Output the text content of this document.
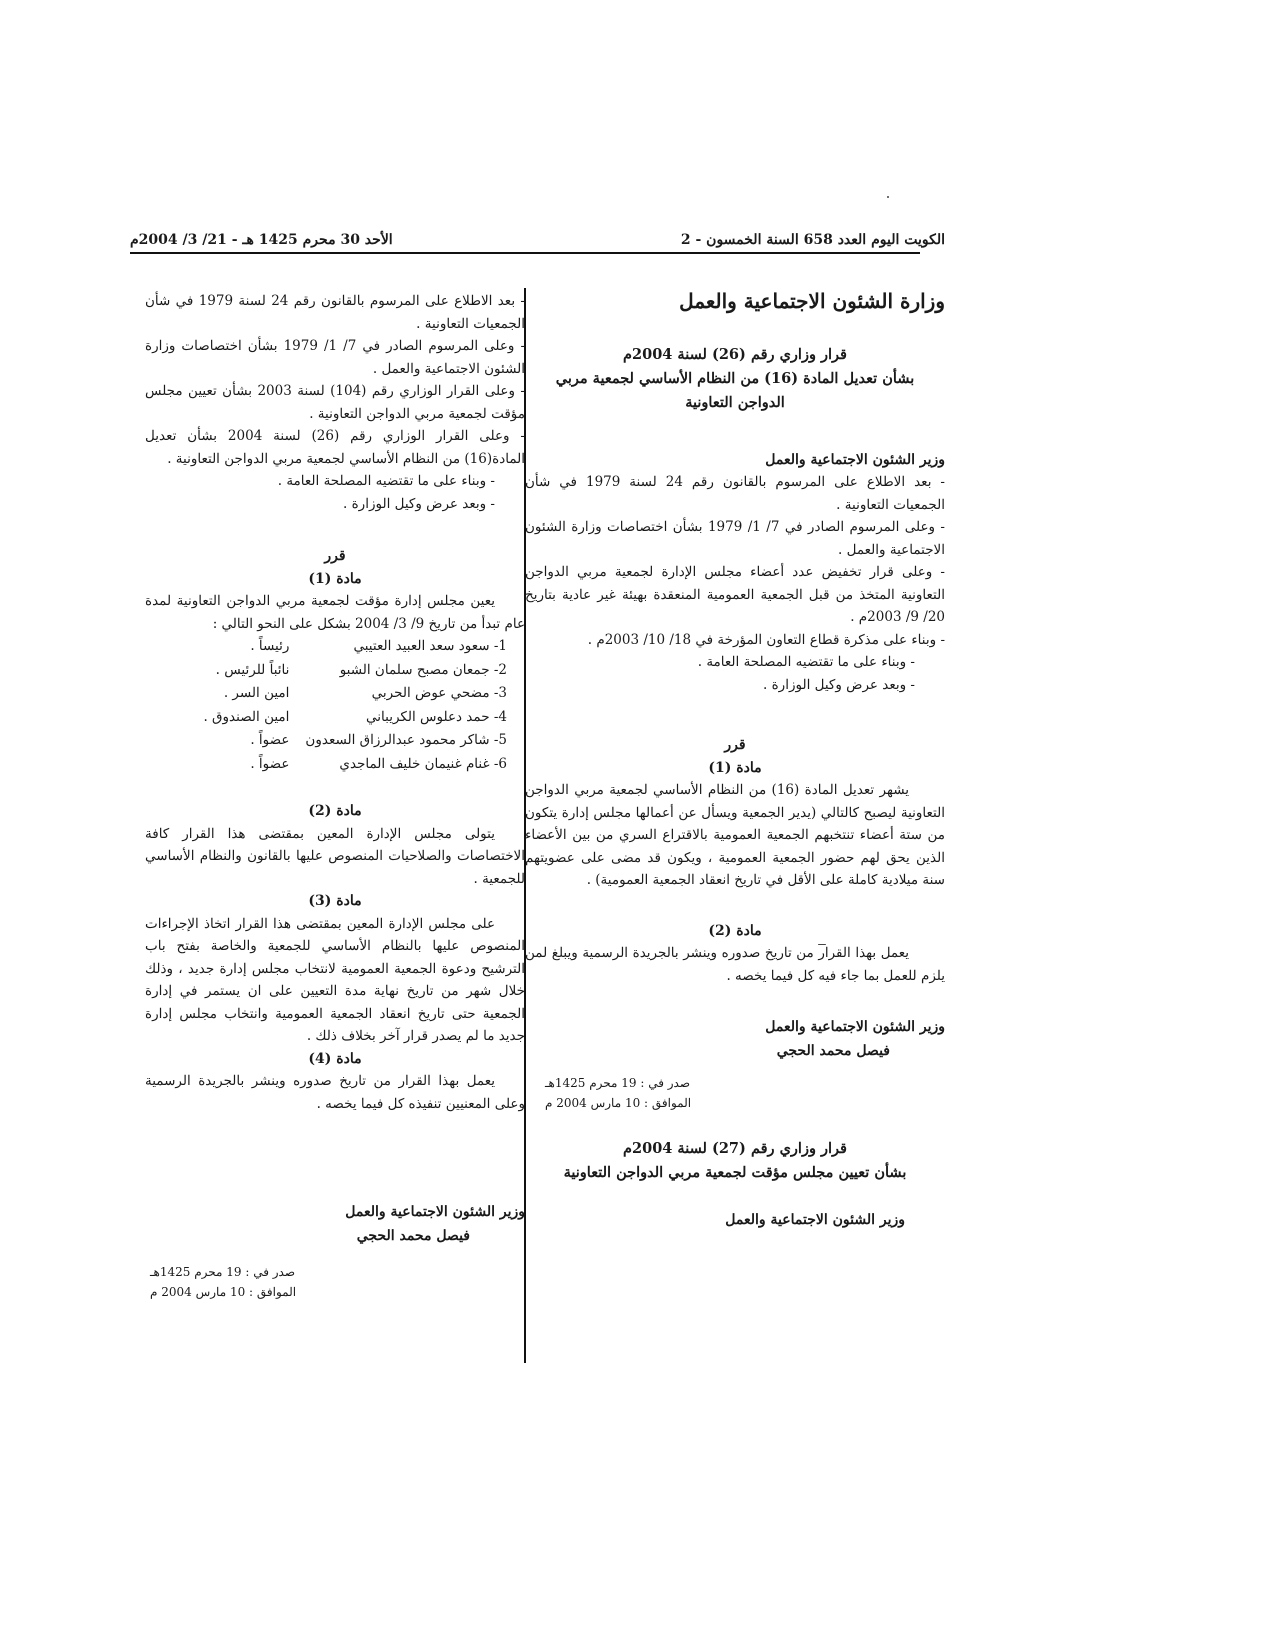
الكويت اليوم العدد 658 السنة الخمسون - 2
الأحد 30 محرم 1425 هـ - 21/ 3/ 2004م
وزارة الشئون الاجتماعية والعمل
قرار وزاري رقم (26) لسنة 2004م
بشأن تعديل المادة (16) من النظام الأساسي لجمعية مربي
الدواجن التعاونية
وزير الشئون الاجتماعية والعمل

- بعد الاطلاع على المرسوم بالقانون رقم 24 لسنة 1979 في شأن الجمعيات التعاونية .

- وعلى المرسوم الصادر في 7/ 1/ 1979 بشأن اختصاصات وزارة الشئون الاجتماعية والعمل .

- وعلى قرار تخفيض عدد أعضاء مجلس الإدارة لجمعية مربي الدواجن التعاونية المتخذ من قبل الجمعية العمومية المنعقدة بهيئة غير عادية بتاريخ 20/ 9/ 2003م .

- وبناء على مذكرة قطاع التعاون المؤرخة في 18/ 10/ 2003م .

- وبناء على ما تقتضيه المصلحة العامة .

- وبعد عرض وكيل الوزارة .

قرر
مادة (1)

يشهر تعديل المادة (16) من النظام الأساسي لجمعية مربي الدواجن التعاونية ليصبح كالتالي (يدير الجمعية ويسأل عن أعمالها مجلس إدارة يتكون من ستة أعضاء تنتخبهم الجمعية العمومية بالاقتراع السري من بين الأعضاء الذين يحق لهم حضور الجمعية العمومية ، ويكون قد مضى على عضويتهم سنة ميلادية كاملة على الأقل في تاريخ انعقاد الجمعية العمومية) .

مادة (2)

يعمل بهذا القرار من تاريخ صدوره وينشر بالجريدة الرسمية ويبلغ لمن يلزم للعمل بما جاء فيه كل فيما يخصه .

وزير الشئون الاجتماعية والعمل
فيصل محمد الحجي
صدر في : 19 محرم 1425هـ
الموافق : 10 مارس 2004 م
قرار وزاري رقم (27) لسنة 2004م
بشأن تعيين مجلس مؤقت لجمعية مربي الدواجن التعاونية
وزير الشئون الاجتماعية والعمل

- بعد الاطلاع على المرسوم بالقانون رقم 24 لسنة 1979 في شأن الجمعيات التعاونية .

- وعلى المرسوم الصادر في 7/ 1/ 1979 بشأن اختصاصات وزارة الشئون الاجتماعية والعمل .

- وعلى القرار الوزاري رقم (104) لسنة 2003 بشأن تعيين مجلس مؤقت لجمعية مربي الدواجن التعاونية .

- وعلى القرار الوزاري رقم (26) لسنة 2004 بشأن تعديل المادة(16) من النظام الأساسي لجمعية مربي الدواجن التعاونية .

- وبناء على ما تقتضيه المصلحة العامة .

- وبعد عرض وكيل الوزارة .

قرر
مادة (1)

يعين مجلس إدارة مؤقت لجمعية مربي الدواجن التعاونية لمدة عام تبدأ من تاريخ 9/ 3/ 2004 بشكل على النحو التالي :

1- سعود سعد العبيد العتيبي	رئيساً .
2- جمعان مصبح سلمان الشبو	نائباً للرئيس .
3- مضحي عوض الحربي	امين السر .
4- حمد دعلوس الكريباني	امين الصندوق .
5- شاكر محمود عبدالرزاق السعدون	عضواً .
6- غنام غنيمان خليف الماجدي	عضواً .
مادة (2)

يتولى مجلس الإدارة المعين بمقتضى هذا القرار كافة الاختصاصات والصلاحيات المنصوص عليها بالقانون والنظام الأساسي للجمعية .

مادة (3)

على مجلس الإدارة المعين بمقتضى هذا القرار اتخاذ الإجراءات المنصوص عليها بالنظام الأساسي للجمعية والخاصة بفتح باب الترشيح ودعوة الجمعية العمومية لانتخاب مجلس إدارة جديد ، وذلك خلال شهر من تاريخ نهاية مدة التعيين على ان يستمر في إدارة الجمعية حتى تاريخ انعقاد الجمعية العمومية وانتخاب مجلس إدارة جديد ما لم يصدر قرار آخر بخلاف ذلك .

مادة (4)

يعمل بهذا القرار من تاريخ صدوره وينشر بالجريدة الرسمية وعلى المعنيين تنفيذه كل فيما يخصه .

وزير الشئون الاجتماعية والعمل
فيصل محمد الحجي
صدر في : 19 محرم 1425هـ
الموافق : 10 مارس 2004 م
